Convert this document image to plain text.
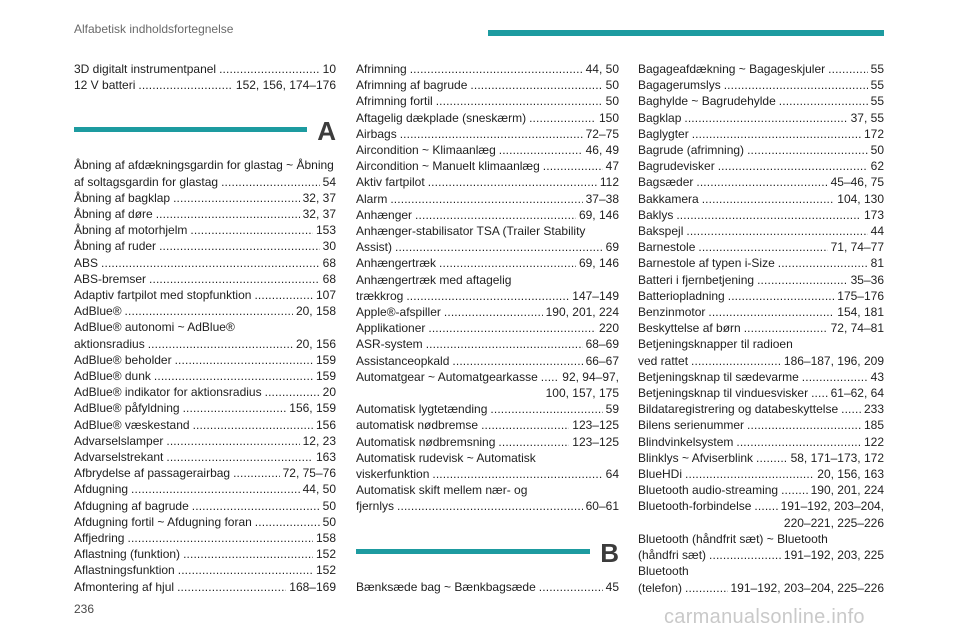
Alfabetisk indholdsfortegnelse
3D digitalt instrumentpanel . . .	10
12 V batteri . . .	152, 156, 174–176
A
Åbning af afdækningsgardin for glastag ~ Åbning
af soltagsgardin for glastag . . .	54
Åbning af bagklap . . .	32, 37
Åbning af døre . . .	32, 37
Åbning af motorhjelm . . .	153
Åbning af ruder . . .	30
ABS . . .	68
ABS-bremser . . .	68
Adaptiv fartpilot med stopfunktion . . .	107
AdBlue® . . .	20, 158
AdBlue® autonomi ~ AdBlue®
aktionsradius . . .	20, 156
AdBlue® beholder . . .	159
AdBlue® dunk . . .	159
AdBlue® indikator for aktionsradius . . .	20
AdBlue® påfyldning . . .	156, 159
AdBlue® væskestand . . .	156
Advarselslamper . . .	12, 23
Advarselstrekant . . .	163
Afbrydelse af passagerairbag . . .	72, 75–76
Afdugning . . .	44, 50
Afdugning af bagrude . . .	50
Afdugning fortil ~ Afdugning foran . . .	50
Affjedring . . .	158
Aflastning (funktion) . . .	152
Aflastningsfunktion . . .	152
Afmontering af hjul . . .	168–169
Afrimning . . .	44, 50
Afrimning af bagrude . . .	50
Afrimning fortil . . .	50
Aftagelig dækplade (sneskærm) . . .	150
Airbags . . .	72–75
Aircondition ~ Klimaanlæg . . .	46, 49
Aircondition ~ Manuelt klimaanlæg . . .	47
Aktiv fartpilot . . .	112
Alarm . . .	37–38
Anhænger . . .	69, 146
Anhænger-stabilisator TSA (Trailer Stability
Assist) . . .	69
Anhængertræk . . .	69, 146
Anhængertræk med aftagelig
trækkrog . . .	147–149
Apple®-afspiller . . .	190, 201, 224
Applikationer . . .	220
ASR-system . . .	68–69
Assistanceopkald . . .	66–67
Automatgear ~ Automatgearkasse . . . 92, 94–97,
100, 157, 175
Automatisk lygtetænding . . .	59
automatisk nødbremse . . .	123–125
Automatisk nødbremsning . . .	123–125
Automatisk rudevisk ~ Automatisk
viskerfunktion . . .	64
Automatisk skift mellem nær- og
fjernlys . . .	60–61
B
Bænksæde bag ~ Bænkbagsæde . . .	45
Bagageafdækning ~ Bagageskjuler . . .	55
Bagagerumslys . . .	55
Baghylde ~ Bagrudehylde . . .	55
Bagklap . . .	37, 55
Baglygter . . .	172
Bagrude (afrimning) . . .	50
Bagrudevisker . . .	62
Bagsæder . . .	45–46, 75
Bakkamera . . .	104, 130
Baklys . . .	173
Bakspejl . . .	44
Barnestole . . .	71, 74–77
Barnestole af typen i-Size . . .	81
Batteri i fjernbetjening . . .	35–36
Batteriopladning . . .	175–176
Benzinmotor . . .	154, 181
Beskyttelse af børn . . .	72, 74–81
Betjeningsknapper til radioen
ved rattet . . .	186–187, 196, 209
Betjeningsknap til sædevarme . . .	43
Betjeningsknap til vinduesvisker . . . 61–62, 64
Bildataregistrering og databeskyttelse . . . 233
Bilens serienummer . . .	185
Blindvinkelsystem . . .	122
Blinklys ~ Afviserblink . . .	58, 171–173, 172
BlueHDi . . .	20, 156, 163
Bluetooth audio-streaming . . .	190, 201, 224
Bluetooth-forbindelse . . . 191–192, 203–204,
220–221, 225–226
Bluetooth (håndfrit sæt) ~ Bluetooth
(håndfri sæt) . . .	191–192, 203, 225
Bluetooth
(telefon) . . .	191–192, 203–204, 225–226
236	carmanualsonline.info
